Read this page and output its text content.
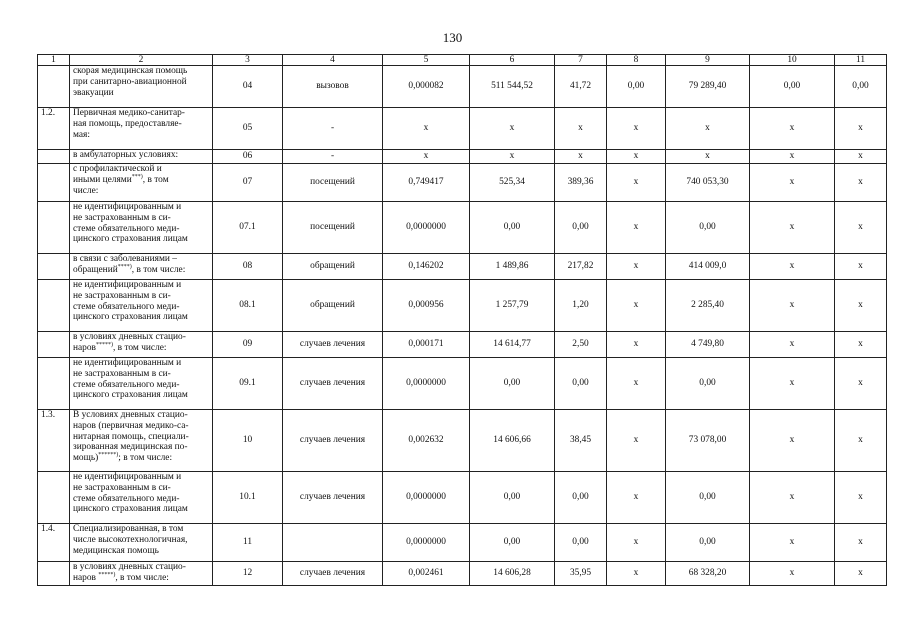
130
1	2	3	4	5	6	7	8	9	10	11
	скорая медицинская помощь
при санитарно-авиационной
эвакуации	04	вызовов	0,000082	511 544,52	41,72	0,00	79 289,40	0,00	0,00
1.2.	Первичная медико-санитар-
ная помощь, предоставляе-
мая:	05	-	x	x	x	x	x	x	x
	в амбулаторных условиях:	06	-	x	x	x	x	x	x	x
	с профилактической и
иными целями***), в том
числе:	07	посещений	0,749417	525,34	389,36	x	740 053,30	x	x
	не идентифицированным и
не застрахованным в си-
стеме обязательного меди-
цинского страхования лицам	07.1	посещений	0,0000000	0,00	0,00	x	0,00	x	x
	в связи с заболеваниями –
обращений****), в том числе:	08	обращений	0,146202	1 489,86	217,82	x	414 009,0	x	x
	не идентифицированным и
не застрахованным в си-
стеме обязательного меди-
цинского страхования лицам	08.1	обращений	0,000956	1 257,79	1,20	x	2 285,40	x	x
	в условиях дневных стацио-
наров*****), в том числе:	09	случаев лечения	0,000171	14 614,77	2,50	x	4 749,80	x	x
	не идентифицированным и
не застрахованным в си-
стеме обязательного меди-
цинского страхования лицам	09.1	случаев лечения	0,0000000	0,00	0,00	x	0,00	x	x
1.3.	В условиях дневных стацио-
наров (первичная медико-са-
нитарная помощь, специали-
зированная медицинская по-
мощь)******); в том числе:	10	случаев лечения	0,002632	14 606,66	38,45	x	73 078,00	x	x
	не идентифицированным и
не застрахованным в си-
стеме обязательного меди-
цинского страхования лицам	10.1	случаев лечения	0,0000000	0,00	0,00	x	0,00	x	x
1.4.	Специализированная, в том
числе высокотехнологичная,
медицинская помощь	11		0,0000000	0,00	0,00	x	0,00	x	x
	в условиях дневных стацио-
наров *****), в том числе:	12	случаев лечения	0,002461	14 606,28	35,95	x	68 328,20	x	x
